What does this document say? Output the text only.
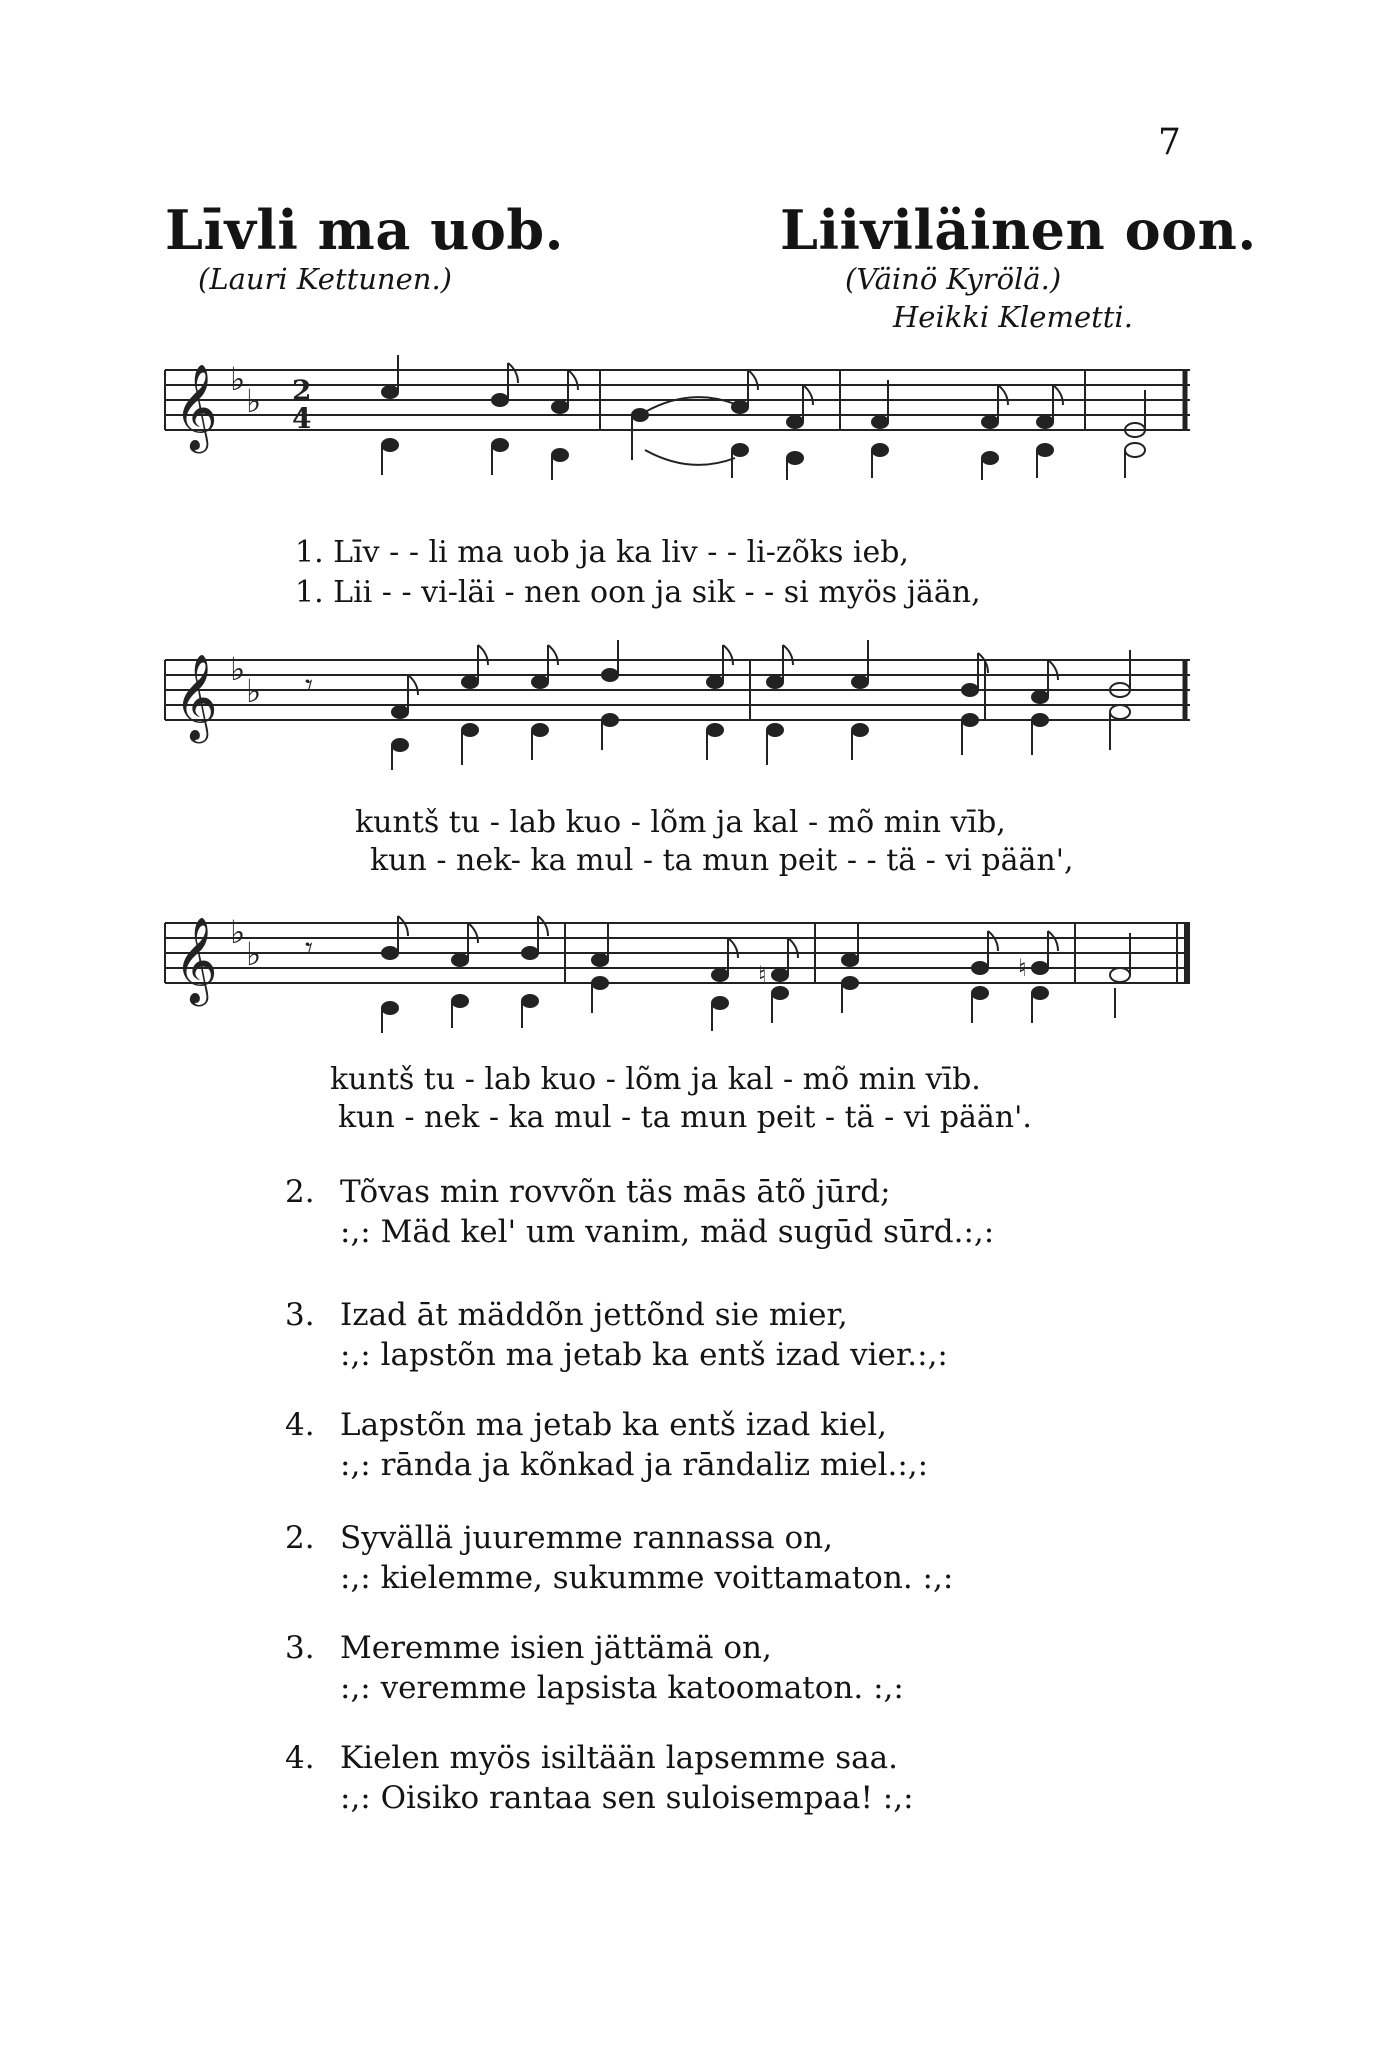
7
Līvli ma uob.
(Lauri Kettunen.)
Liiviläinen oon.
(Väinö Kyrölä.)
Heikki Klemetti.
𝄞 ♭
♭ 2
4
1. Līv - - li ma uob ja ka liv - - li-zõks ieb,
1. Lii - - vi-läi - nen oon ja sik - - si myös jään,
𝄞 ♭
♭ 𝄾
kuntš tu - lab kuo - lõm ja kal - mõ min vīb,
kun - nek- ka mul - ta mun peit - - tä - vi pään',
𝄞 ♭
♭ 𝄾
♮	♮
kuntš tu - lab kuo - lõm ja kal - mõ min vīb.
kun - nek - ka mul - ta mun peit - tä - vi pään'.
2. Tõvas min rovvõn täs mās ātõ jūrd;
:,: Mäd kel' um vanim, mäd sugūd sūrd.:,:
3. Izad āt mäddõn jettõnd sie mier,
:,: lapstõn ma jetab ka entš izad vier.:,:
4. Lapstõn ma jetab ka entš izad kiel,
:,: rānda ja kõnkad ja rāndaliz miel.:,:
2. Syvällä juuremme rannassa on,
:,: kielemme, sukumme voittamaton. :,:
3. Meremme isien jättämä on,
:,: veremme lapsista katoomaton. :,:
4. Kielen myös isiltään lapsemme saa.
:,: Oisiko rantaa sen suloisempaa! :,:
